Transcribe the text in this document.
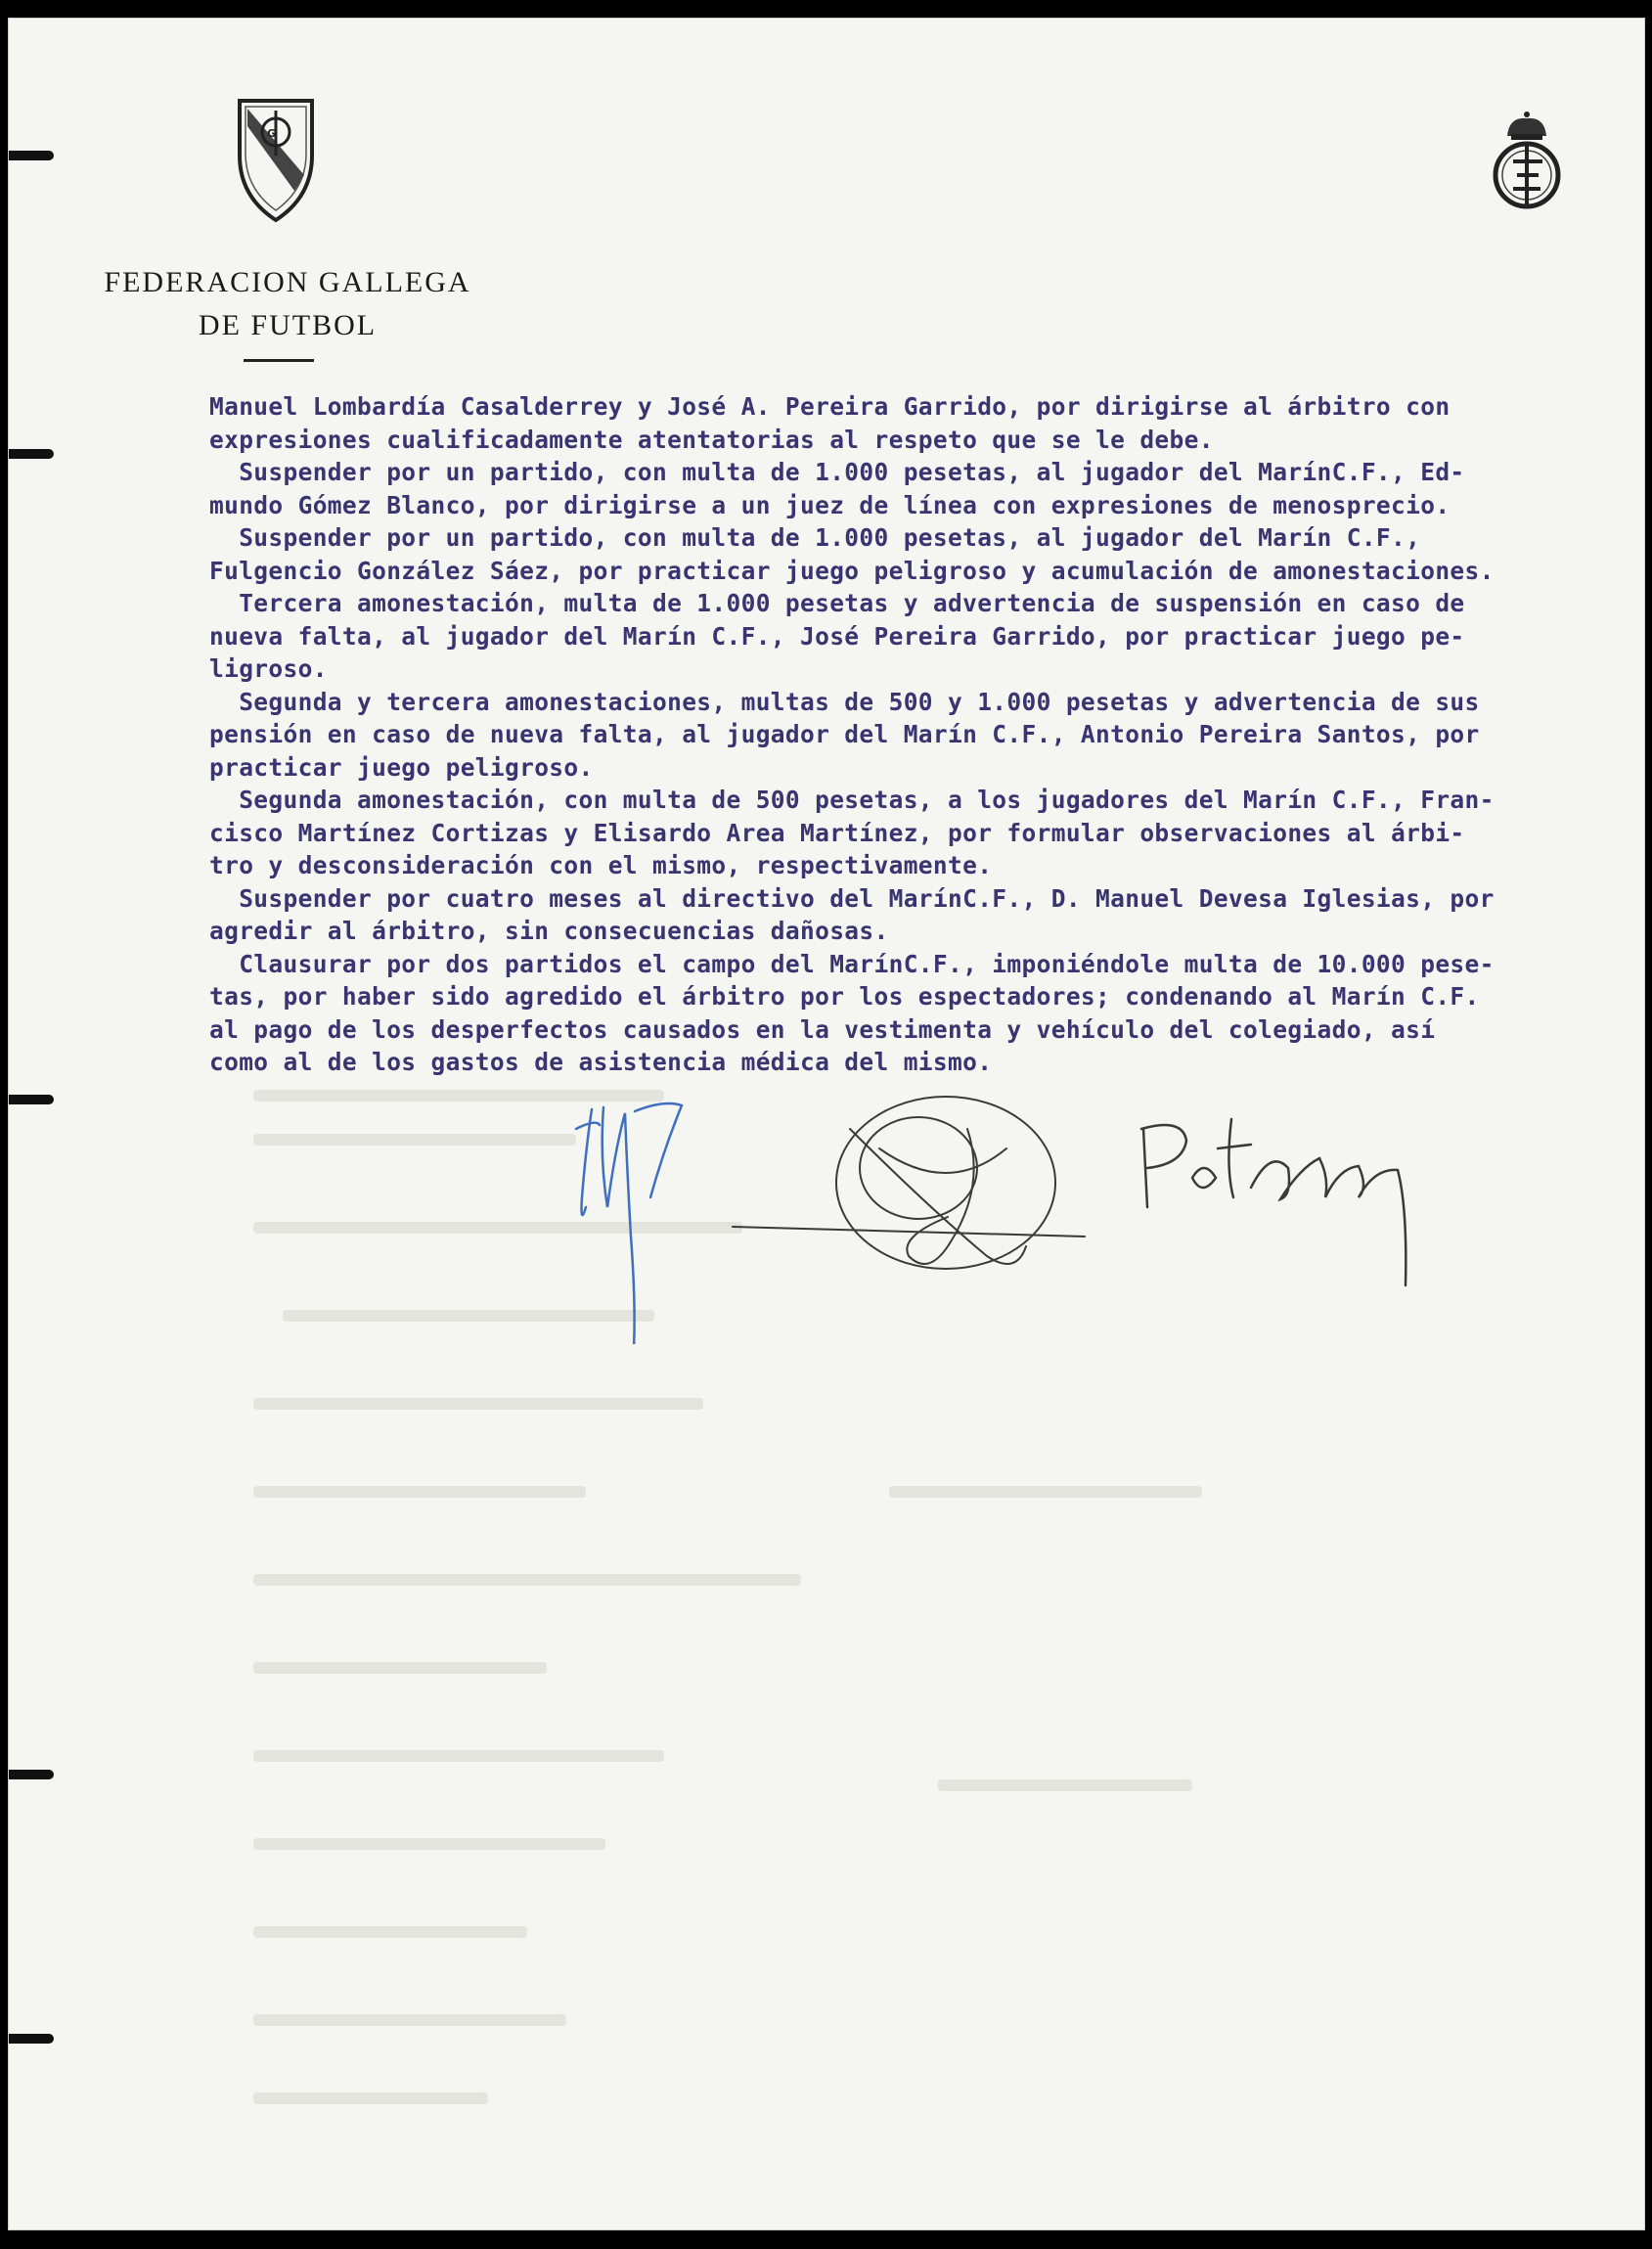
G
FEDERACION GALLEGA
DE FUTBOL
Manuel Lombardía Casalderrey y José A. Pereira Garrido, por dirigirse al árbitro con
expresiones cualificadamente atentatorias al respeto que se le debe.
Suspender por un partido, con multa de 1.000 pesetas, al jugador del MarínC.F., Ed-
mundo Gómez Blanco, por dirigirse a un juez de línea con expresiones de menosprecio.
Suspender por un partido, con multa de 1.000 pesetas, al jugador del Marín C.F.,
Fulgencio González Sáez, por practicar juego peligroso y acumulación de amonestaciones.
Tercera amonestación, multa de 1.000 pesetas y advertencia de suspensión en caso de
nueva falta, al jugador del Marín C.F., José Pereira Garrido, por practicar juego pe-
ligroso.
Segunda y tercera amonestaciones, multas de 500 y 1.000 pesetas y advertencia de sus
pensión en caso de nueva falta, al jugador del Marín C.F., Antonio Pereira Santos, por
practicar juego peligroso.
Segunda amonestación, con multa de 500 pesetas, a los jugadores del Marín C.F., Fran-
cisco Martínez Cortizas y Elisardo Area Martínez, por formular observaciones al árbi-
tro y desconsideración con el mismo, respectivamente.
Suspender por cuatro meses al directivo del MarínC.F., D. Manuel Devesa Iglesias, por
agredir al árbitro, sin consecuencias dañosas.
Clausurar por dos partidos el campo del MarínC.F., imponiéndole multa de 10.000 pese-
tas, por haber sido agredido el árbitro por los espectadores; condenando al Marín C.F.
al pago de los desperfectos causados en la vestimenta y vehículo del colegiado, así
como al de los gastos de asistencia médica del mismo.
